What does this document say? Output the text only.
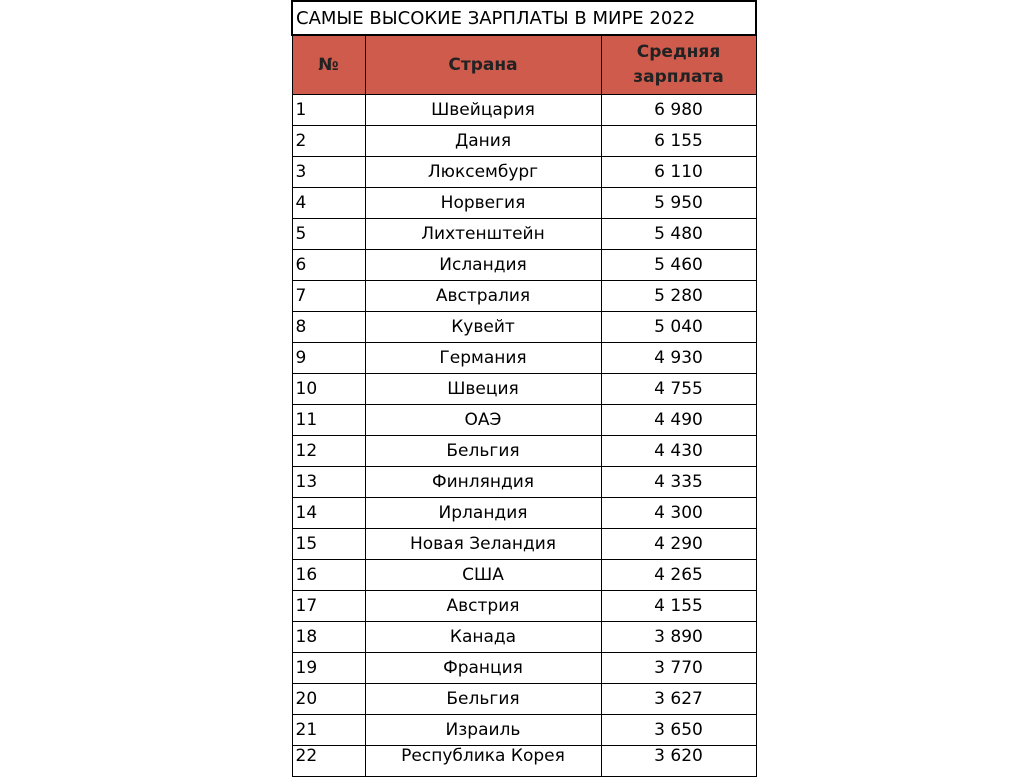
САМЫЕ ВЫСОКИЕ ЗАРПЛАТЫ В МИРЕ 2022		
№	Страна	Средняя
зарплата
1	Швейцария	6 980
2	Дания	6 155
3	Люксембург	6 110
4	Норвегия	5 950
5	Лихтенштейн	5 480
6	Исландия	5 460
7	Австралия	5 280
8	Кувейт	5 040
9	Германия	4 930
10	Швеция	4 755
11	ОАЭ	4 490
12	Бельгия	4 430
13	Финляндия	4 335
14	Ирландия	4 300
15	Новая Зеландия	4 290
16	США	4 265
17	Австрия	4 155
18	Канада	3 890
19	Франция	3 770
20	Бельгия	3 627
21	Израиль	3 650
22	Республика Корея	3 620
